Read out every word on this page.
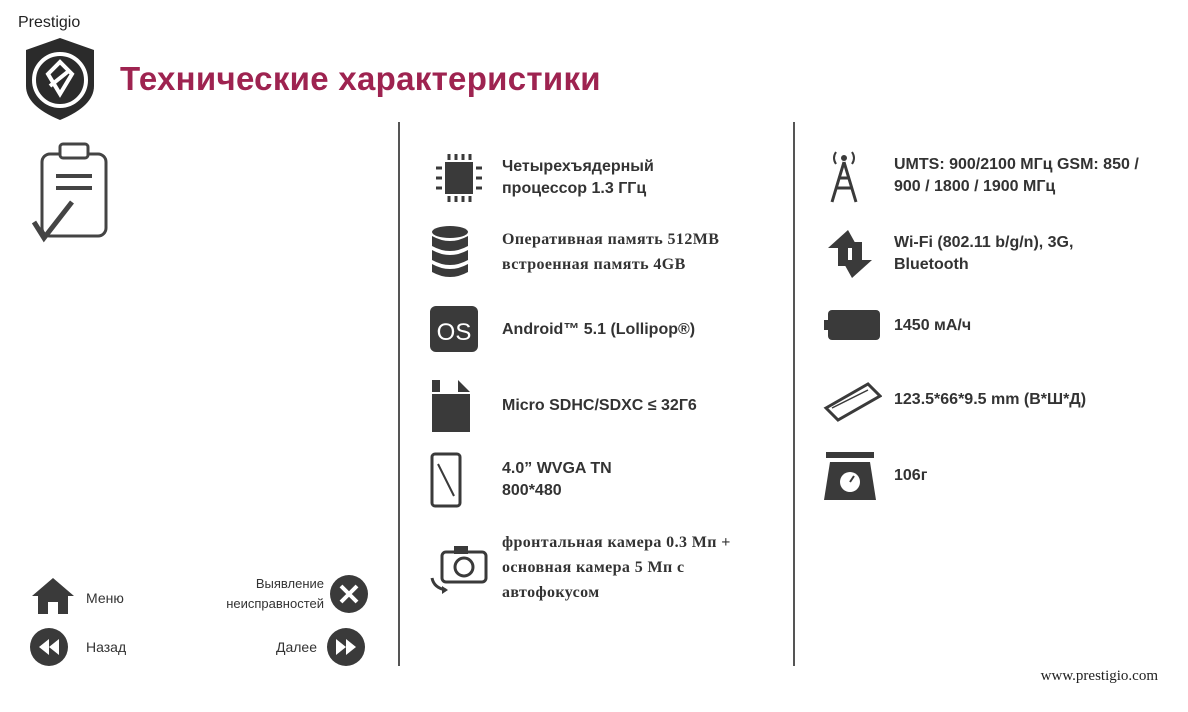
Prestigio
Технические характеристики
Четырехъядерный процессор 1.3 ГГц
Оперативная память 512MB встроенная память 4GB
OS Android™ 5.1 (Lollipop®)
Micro SDHC/SDXC ≤ 32Г6
4.0” WVGA TN 800*480
фронтальная камера 0.3 Мп + основная камера 5 Мп с автофокусом
UMTS: 900/2100 МГц GSM: 850 / 900 / 1800 / 1900 МГц
Wi-Fi (802.11 b/g/n), 3G, Bluetooth
1450 мА/ч
123.5*66*9.5 mm (В*Ш*Д)
106г
Меню
Назад
Выявление неисправностей
Далее
www.prestigio.com
